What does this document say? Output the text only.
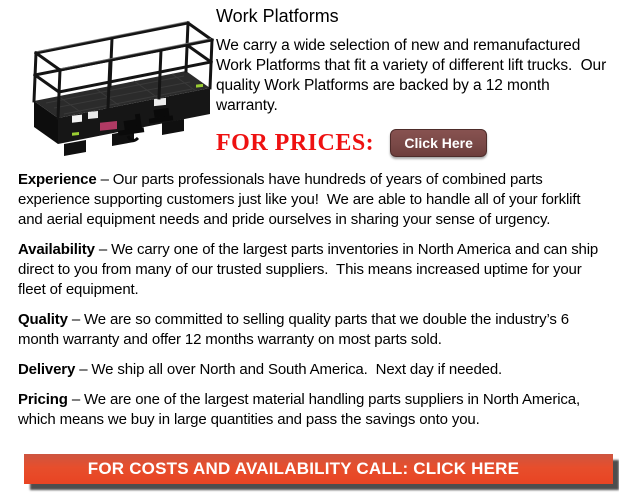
Work Platforms

We carry a wide selection of new and remanufactured Work Platforms that fit a variety of different lift trucks.  Our quality Work Platforms are backed by a 12 month warranty.

FOR PRICES:	Click Here

Experience – Our parts professionals have hundreds of years of combined parts experience supporting customers just like you!  We are able to handle all of your forklift and aerial equipment needs and pride ourselves in sharing your sense of urgency.

Availability – We carry one of the largest parts inventories in North America and can ship direct to you from many of our trusted suppliers.  This means increased uptime for your fleet of equipment.

Quality – We are so committed to selling quality parts that we double the industry’s 6 month warranty and offer 12 months warranty on most parts sold.

Delivery – We ship all over North and South America.  Next day if needed.

Pricing – We are one of the largest material handling parts suppliers in North America, which means we buy in large quantities and pass the savings onto you.

FOR COSTS AND AVAILABILITY CALL: CLICK HERE
